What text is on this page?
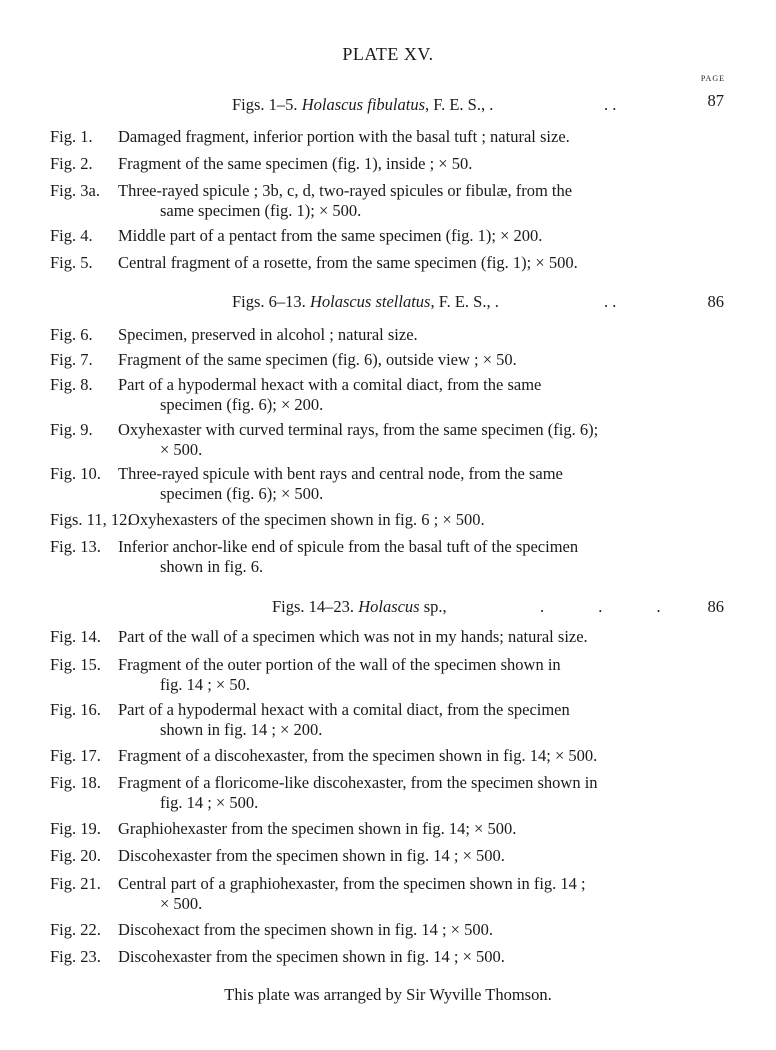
PLATE XV.
PAGE
Figs. 1–5. Holascus fibulatus, F. E. S., .	. .	87
Fig. 1. Damaged fragment, inferior portion with the basal tuft ; natural size.
Fig. 2. Fragment of the same specimen (fig. 1), inside ; × 50.
Fig. 3a. Three-rayed spicule ; 3b, c, d, two-rayed spicules or fibulæ, from the
same specimen (fig. 1); × 500.
Fig. 4. Middle part of a pentact from the same specimen (fig. 1); × 200.
Fig. 5. Central fragment of a rosette, from the same specimen (fig. 1); × 500.
Figs. 6–13. Holascus stellatus, F. E. S., .	. .	86
Fig. 6. Specimen, preserved in alcohol ; natural size.
Fig. 7. Fragment of the same specimen (fig. 6), outside view ; × 50.
Fig. 8. Part of a hypodermal hexact with a comital diact, from the same
specimen (fig. 6); × 200.
Fig. 9. Oxyhexaster with curved terminal rays, from the same specimen (fig. 6);
× 500.
Fig. 10. Three-rayed spicule with bent rays and central node, from the same
specimen (fig. 6); × 500.
Figs. 11, 12.
Oxyhexasters of the specimen shown in fig. 6 ; × 500.
Fig. 13. Inferior anchor-like end of spicule from the basal tuft of the specimen
shown in fig. 6.
Figs. 14–23. Holascus sp.,	. . .	86
Fig. 14. Part of the wall of a specimen which was not in my hands; natural size.
Fig. 15. Fragment of the outer portion of the wall of the specimen shown in
fig. 14 ; × 50.
Fig. 16. Part of a hypodermal hexact with a comital diact, from the specimen
shown in fig. 14 ; × 200.
Fig. 17. Fragment of a discohexaster, from the specimen shown in fig. 14; × 500.
Fig. 18. Fragment of a floricome-like discohexaster, from the specimen shown in
fig. 14 ; × 500.
Fig. 19. Graphiohexaster from the specimen shown in fig. 14; × 500.
Fig. 20. Discohexaster from the specimen shown in fig. 14 ; × 500.
Fig. 21. Central part of a graphiohexaster, from the specimen shown in fig. 14 ;
× 500.
Fig. 22. Discohexact from the specimen shown in fig. 14 ; × 500.
Fig. 23. Discohexaster from the specimen shown in fig. 14 ; × 500.
This plate was arranged by Sir Wyville Thomson.
